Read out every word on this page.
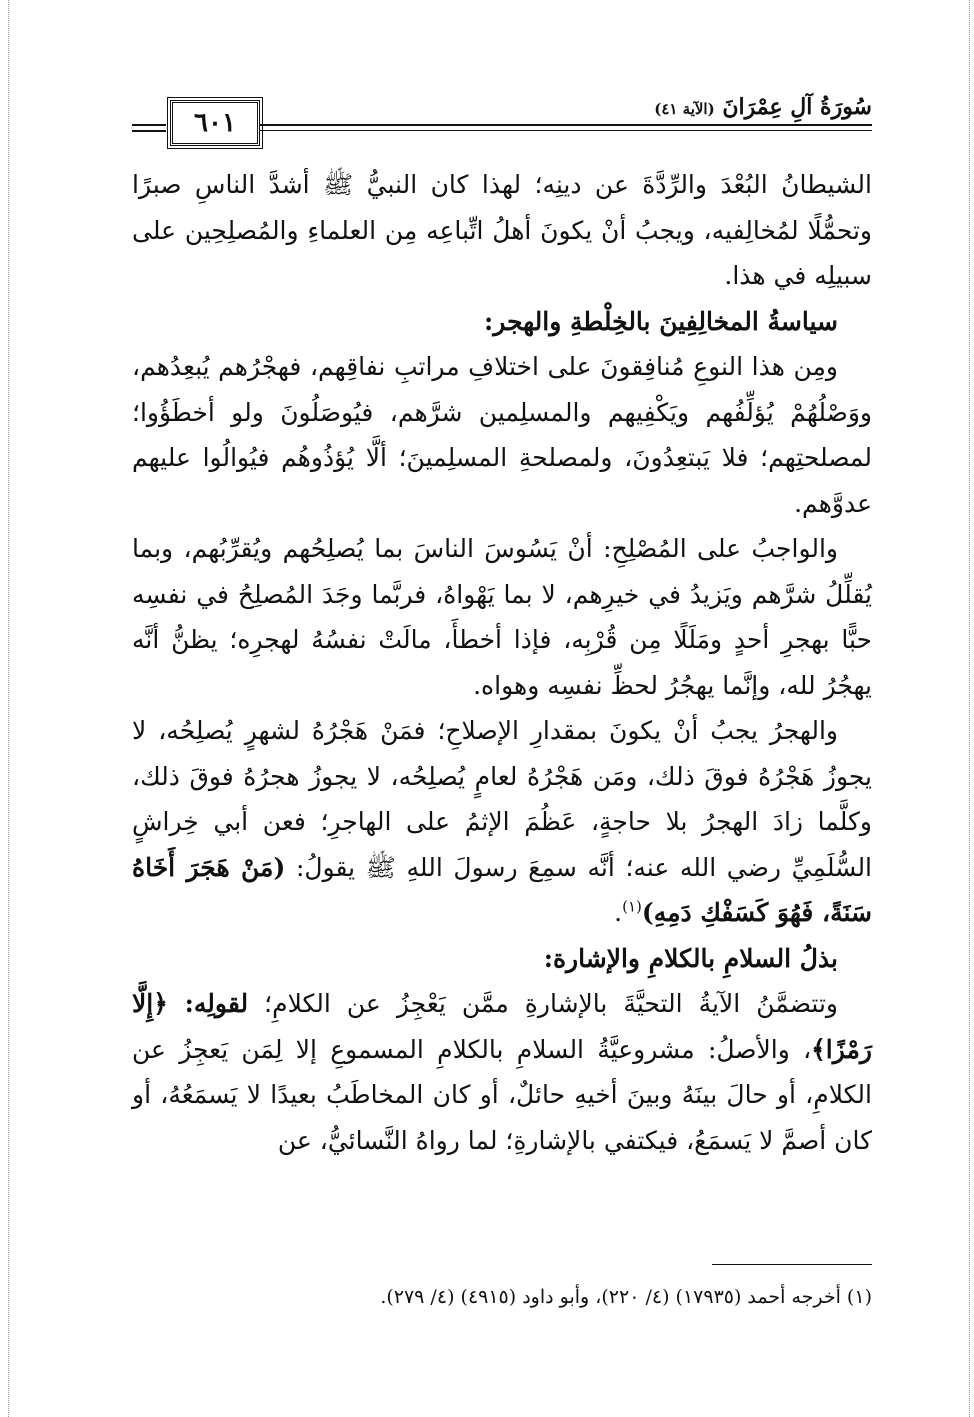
٦٠١
سُورَةُ آلِ عِمْرَانَ (الآية ٤١)

الشيطانُ البُعْدَ والرِّدَّةَ عن دينِه؛ لهذا كان النبيُّ ﷺ أشدَّ الناسِ صبرًا وتحمُّلًا لمُخالِفيه، ويجبُ أنْ يكونَ أهلُ اتِّباعِه مِن العلماءِ والمُصلِحِين على سبيلِه في هذا.

سياسةُ المخالِفِينَ بالخِلْطةِ والهجر:

ومِن هذا النوعِ مُنافِقونَ على اختلافِ مراتبِ نفاقِهم، فهجْرُهم يُبعِدُهم، ووَصْلُهُمْ يُؤلِّفُهم ويَكْفِيهم والمسلِمين شرَّهم، فيُوصَلُونَ ولو أخطَؤُوا؛ لمصلحتِهم؛ فلا يَبتعِدُونَ، ولمصلحةِ المسلِمينَ؛ ألَّا يُؤذُوهُم فيُوالُوا عليهم عدوَّهم.

والواجبُ على المُصْلِحِ: أنْ يَسُوسَ الناسَ بما يُصلِحُهم ويُقرِّبُهم، وبما يُقلِّلُ شرَّهم ويَزيدُ في خيرِهم، لا بما يَهْواهُ، فربَّما وجَدَ المُصلِحُ في نفسِه حبًّا بهجرِ أحدٍ ومَلَلًا مِن قُرْبِه، فإذا أخطأَ، مالَتْ نفسُهُ لهجرِه؛ يظنُّ أنَّه يهجُرُ لله، وإنَّما يهجُرُ لحظِّ نفسِه وهواه.

والهجرُ يجبُ أنْ يكونَ بمقدارِ الإصلاحِ؛ فمَنْ هَجْرُهُ لشهرٍ يُصلِحُه، لا يجوزُ هَجْرُهُ فوقَ ذلك، ومَن هَجْرُهُ لعامٍ يُصلِحُه، لا يجوزُ هجرُهُ فوقَ ذلك، وكلَّما زادَ الهجرُ بلا حاجةٍ، عَظُمَ الإثمُ على الهاجرِ؛ فعن أبي خِراشٍ السُّلَمِيِّ رضي الله عنه؛ أنَّه سمِعَ رسولَ اللهِ ﷺ يقولُ: (مَنْ هَجَرَ أَخَاهُ سَنَةً، فَهُوَ كَسَفْكِ دَمِهِ)$^{(١)}$.

بذلُ السلامِ بالكلامِ والإشارة:

وتتضمَّنُ الآيةُ التحيَّةَ بالإشارةِ ممَّن يَعْجِزُ عن الكلامِ؛ لقولِه: ﴿إِلَّا رَمْزًا﴾، والأصلُ: مشروعيَّةُ السلامِ بالكلامِ المسموعِ إلا لِمَن يَعجِزُ عن الكلامِ، أو حالَ بينَهُ وبينَ أخيهِ حائلٌ، أو كان المخاطَبُ بعيدًا لا يَسمَعُهُ، أو كان أصمَّ لا يَسمَعُ، فيكتفي بالإشارةِ؛ لما رواهُ النَّسائيُّ، عن

(١) أخرجه أحمد (١٧٩٣٥) (٤/ ٢٢٠)، وأبو داود (٤٩١٥) (٤/ ٢٧٩).
